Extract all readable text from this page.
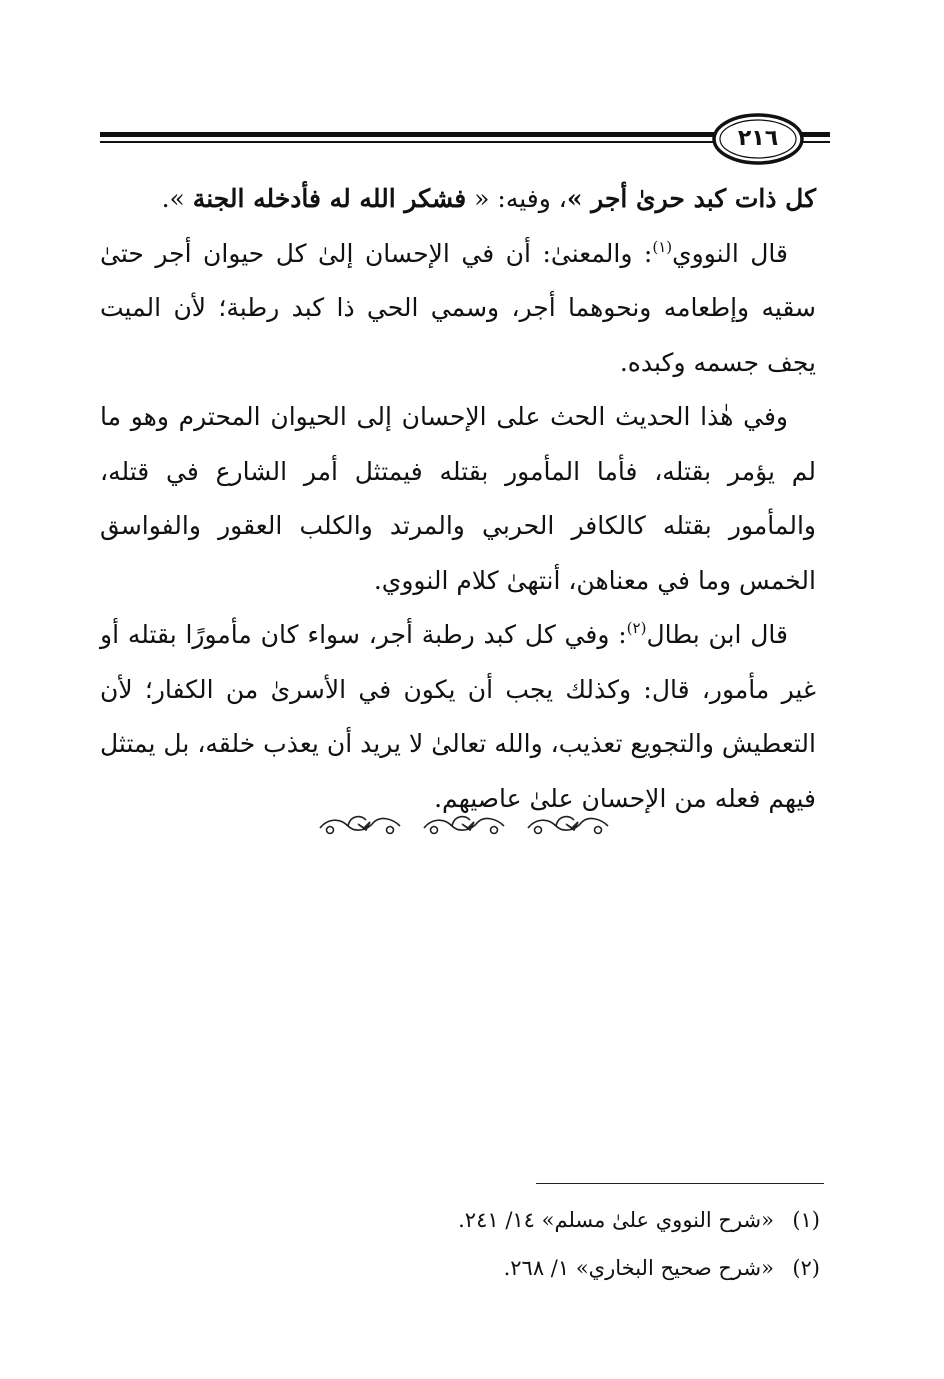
٢١٦

كل ذات كبد حرىٰ أجر »، وفيه: « فشكر الله له فأدخله الجنة ».

قال النووي$^{(١)}$: والمعنىٰ: أن في الإحسان إلىٰ كل حيوان أجر حتىٰ سقيه وإطعامه ونحوهما أجر، وسمي الحي ذا كبد رطبة؛ لأن الميت يجف جسمه وكبده.

وفي هٰذا الحديث الحث على الإحسان إلى الحيوان المحترم وهو ما لم يؤمر بقتله، فأما المأمور بقتله فيمتثل أمر الشارع في قتله، والمأمور بقتله كالكافر الحربي والمرتد والكلب العقور والفواسق الخمس وما في معناهن، أنتهىٰ كلام النووي.

قال ابن بطال$^{(٢)}$: وفي كل كبد رطبة أجر، سواء كان مأمورًا بقتله أو غير مأمور، قال: وكذلك يجب أن يكون في الأسرىٰ من الكفار؛ لأن التعطيش والتجويع تعذيب، والله تعالىٰ لا يريد أن يعذب خلقه، بل يمتثل فيهم فعله من الإحسان علىٰ عاصيهم.

(١)«شرح النووي علىٰ مسلم» ١٤/ ٢٤١.

(٢)«شرح صحيح البخاري» ١/ ٢٦٨.
